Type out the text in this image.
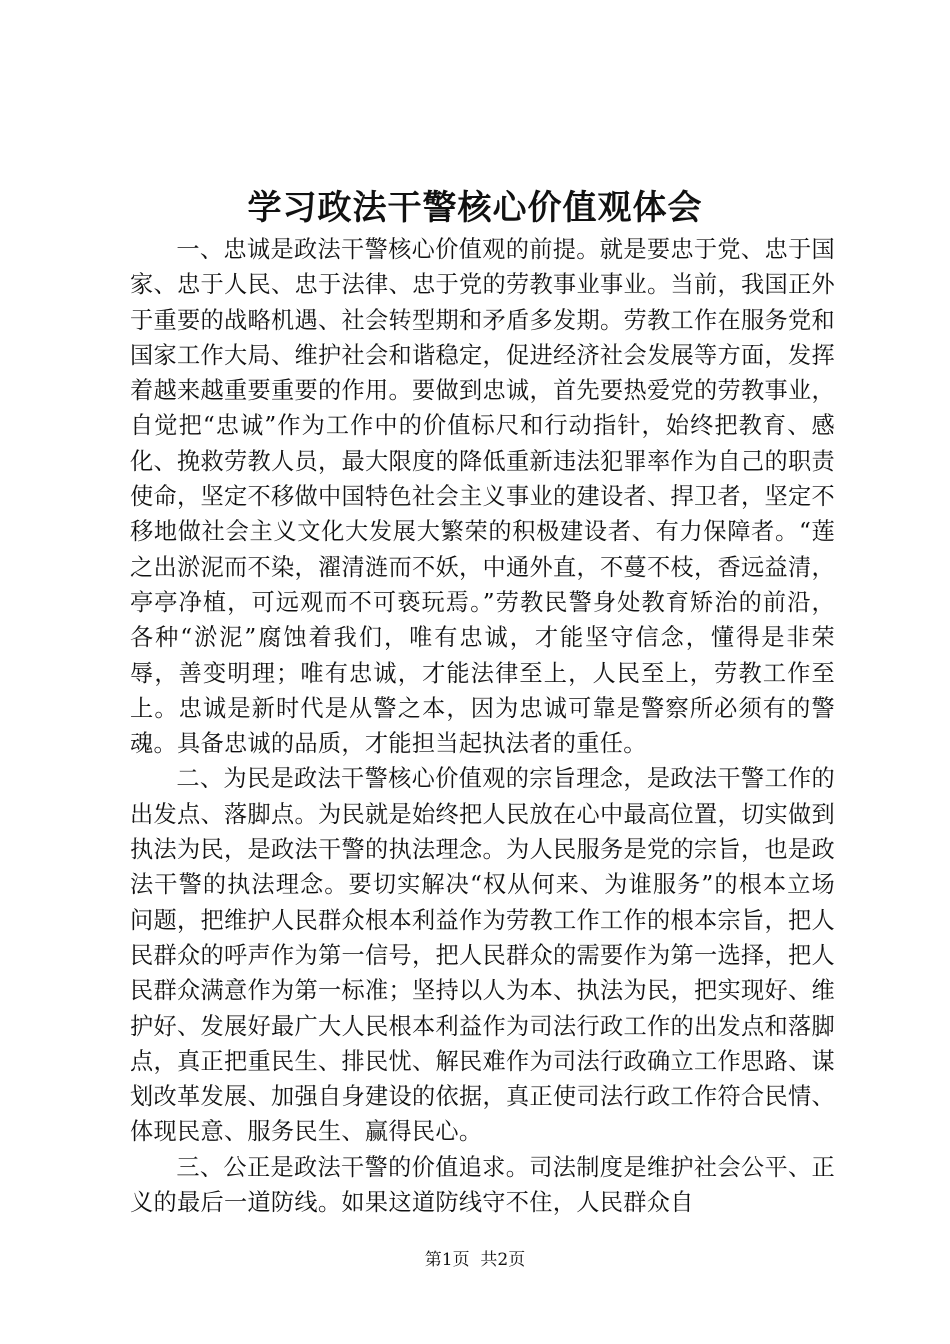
学习政法干警核心价值观体会

一、忠诚是政法干警核心价值观的前提。就是要忠于党、忠于国家、忠于人民、忠于法律、忠于党的劳教事业事业。当前，我国正外于重要的战略机遇、社会转型期和矛盾多发期。劳教工作在服务党和国家工作大局、维护社会和谐稳定，促进经济社会发展等方面，发挥着越来越重要重要的作用。要做到忠诚，首先要热爱党的劳教事业，自觉把“忠诚”作为工作中的价值标尺和行动指针，始终把教育、感化、挽救劳教人员，最大限度的降低重新违法犯罪率作为自己的职责使命，坚定不移做中国特色社会主义事业的建设者、捍卫者，坚定不移地做社会主义文化大发展大繁荣的积极建设者、有力保障者。“莲之出淤泥而不染，濯清涟而不妖，中通外直，不蔓不枝，香远益清，亭亭净植，可远观而不可亵玩焉。”劳教民警身处教育矫治的前沿，各种“淤泥”腐蚀着我们，唯有忠诚，才能坚守信念，懂得是非荣辱，善变明理；唯有忠诚，才能法律至上，人民至上，劳教工作至上。忠诚是新时代是从警之本，因为忠诚可靠是警察所必须有的警魂。具备忠诚的品质，才能担当起执法者的重任。

二、为民是政法干警核心价值观的宗旨理念，是政法干警工作的出发点、落脚点。为民就是始终把人民放在心中最高位置，切实做到执法为民，是政法干警的执法理念。为人民服务是党的宗旨，也是政法干警的执法理念。要切实解决“权从何来、为谁服务”的根本立场问题，把维护人民群众根本利益作为劳教工作工作的根本宗旨，把人民群众的呼声作为第一信号，把人民群众的需要作为第一选择，把人民群众满意作为第一标准；坚持以人为本、执法为民，把实现好、维护好、发展好最广大人民根本利益作为司法行政工作的出发点和落脚点，真正把重民生、排民忧、解民难作为司法行政确立工作思路、谋划改革发展、加强自身建设的依据，真正使司法行政工作符合民情、体现民意、服务民生、赢得民心。

三、公正是政法干警的价值追求。司法制度是维护社会公平、正义的最后一道防线。如果这道防线守不住，人民群众自

第1页  共2页
